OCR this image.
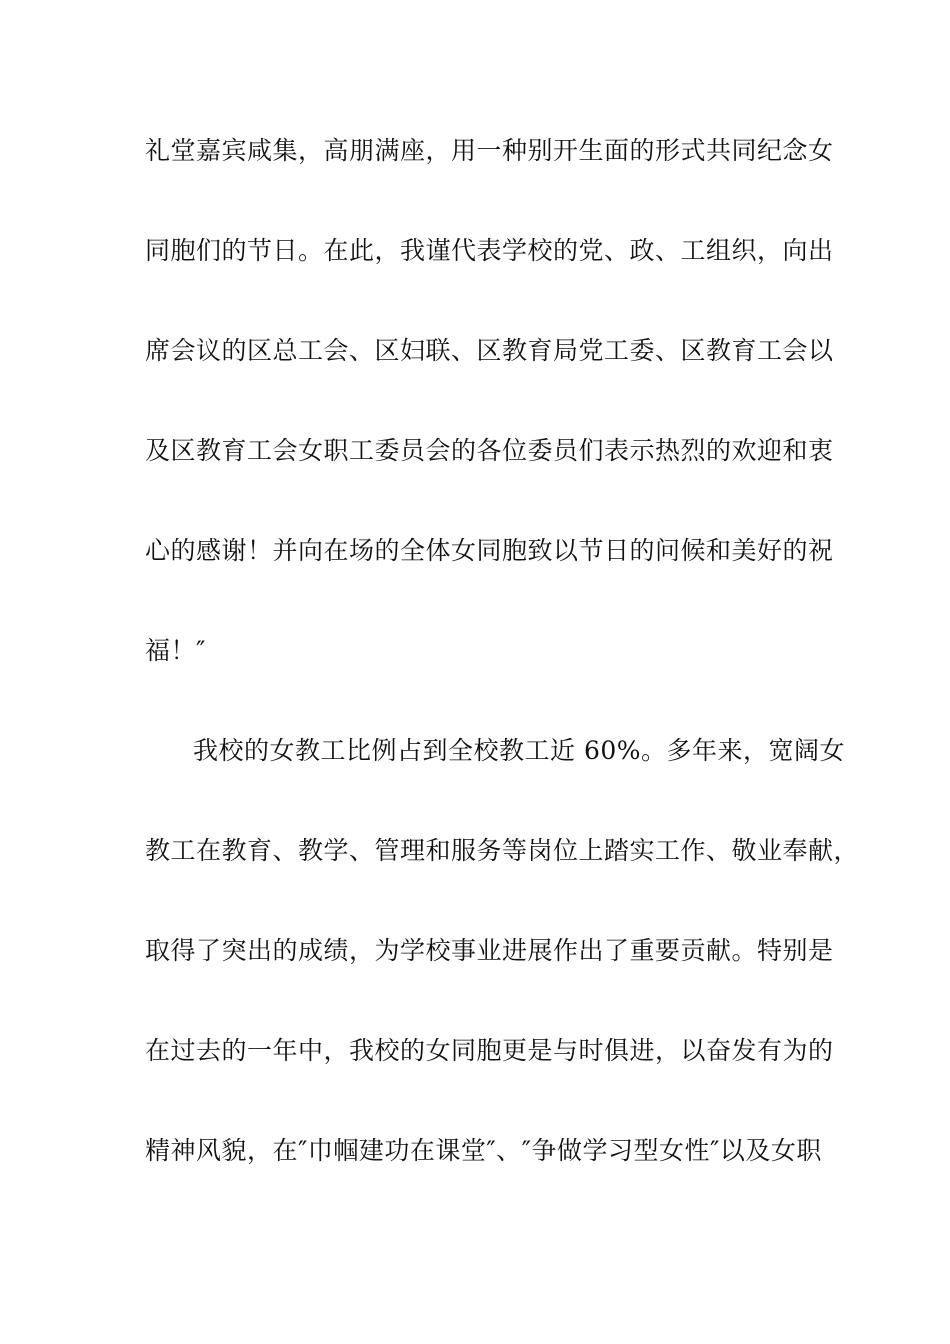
礼堂嘉宾咸集，高朋满座，用一种别开生面的形式共同纪念女
同胞们的节日。在此，我谨代表学校的党、政、工组织，向出
席会议的区总工会、区妇联、区教育局党工委、区教育工会以
及区教育工会女职工委员会的各位委员们表示热烈的欢迎和衷
心的感谢！并向在场的全体女同胞致以节日的问候和美好的祝
福！″
我校的女教工比例占到全校教工近 60%。多年来，宽阔女
教工在教育、教学、管理和服务等岗位上踏实工作、敬业奉献，
取得了突出的成绩，为学校事业进展作出了重要贡献。特别是
在过去的一年中，我校的女同胞更是与时俱进，以奋发有为的
精神风貌，在″巾帼建功在课堂″、″争做学习型女性″以及女职
